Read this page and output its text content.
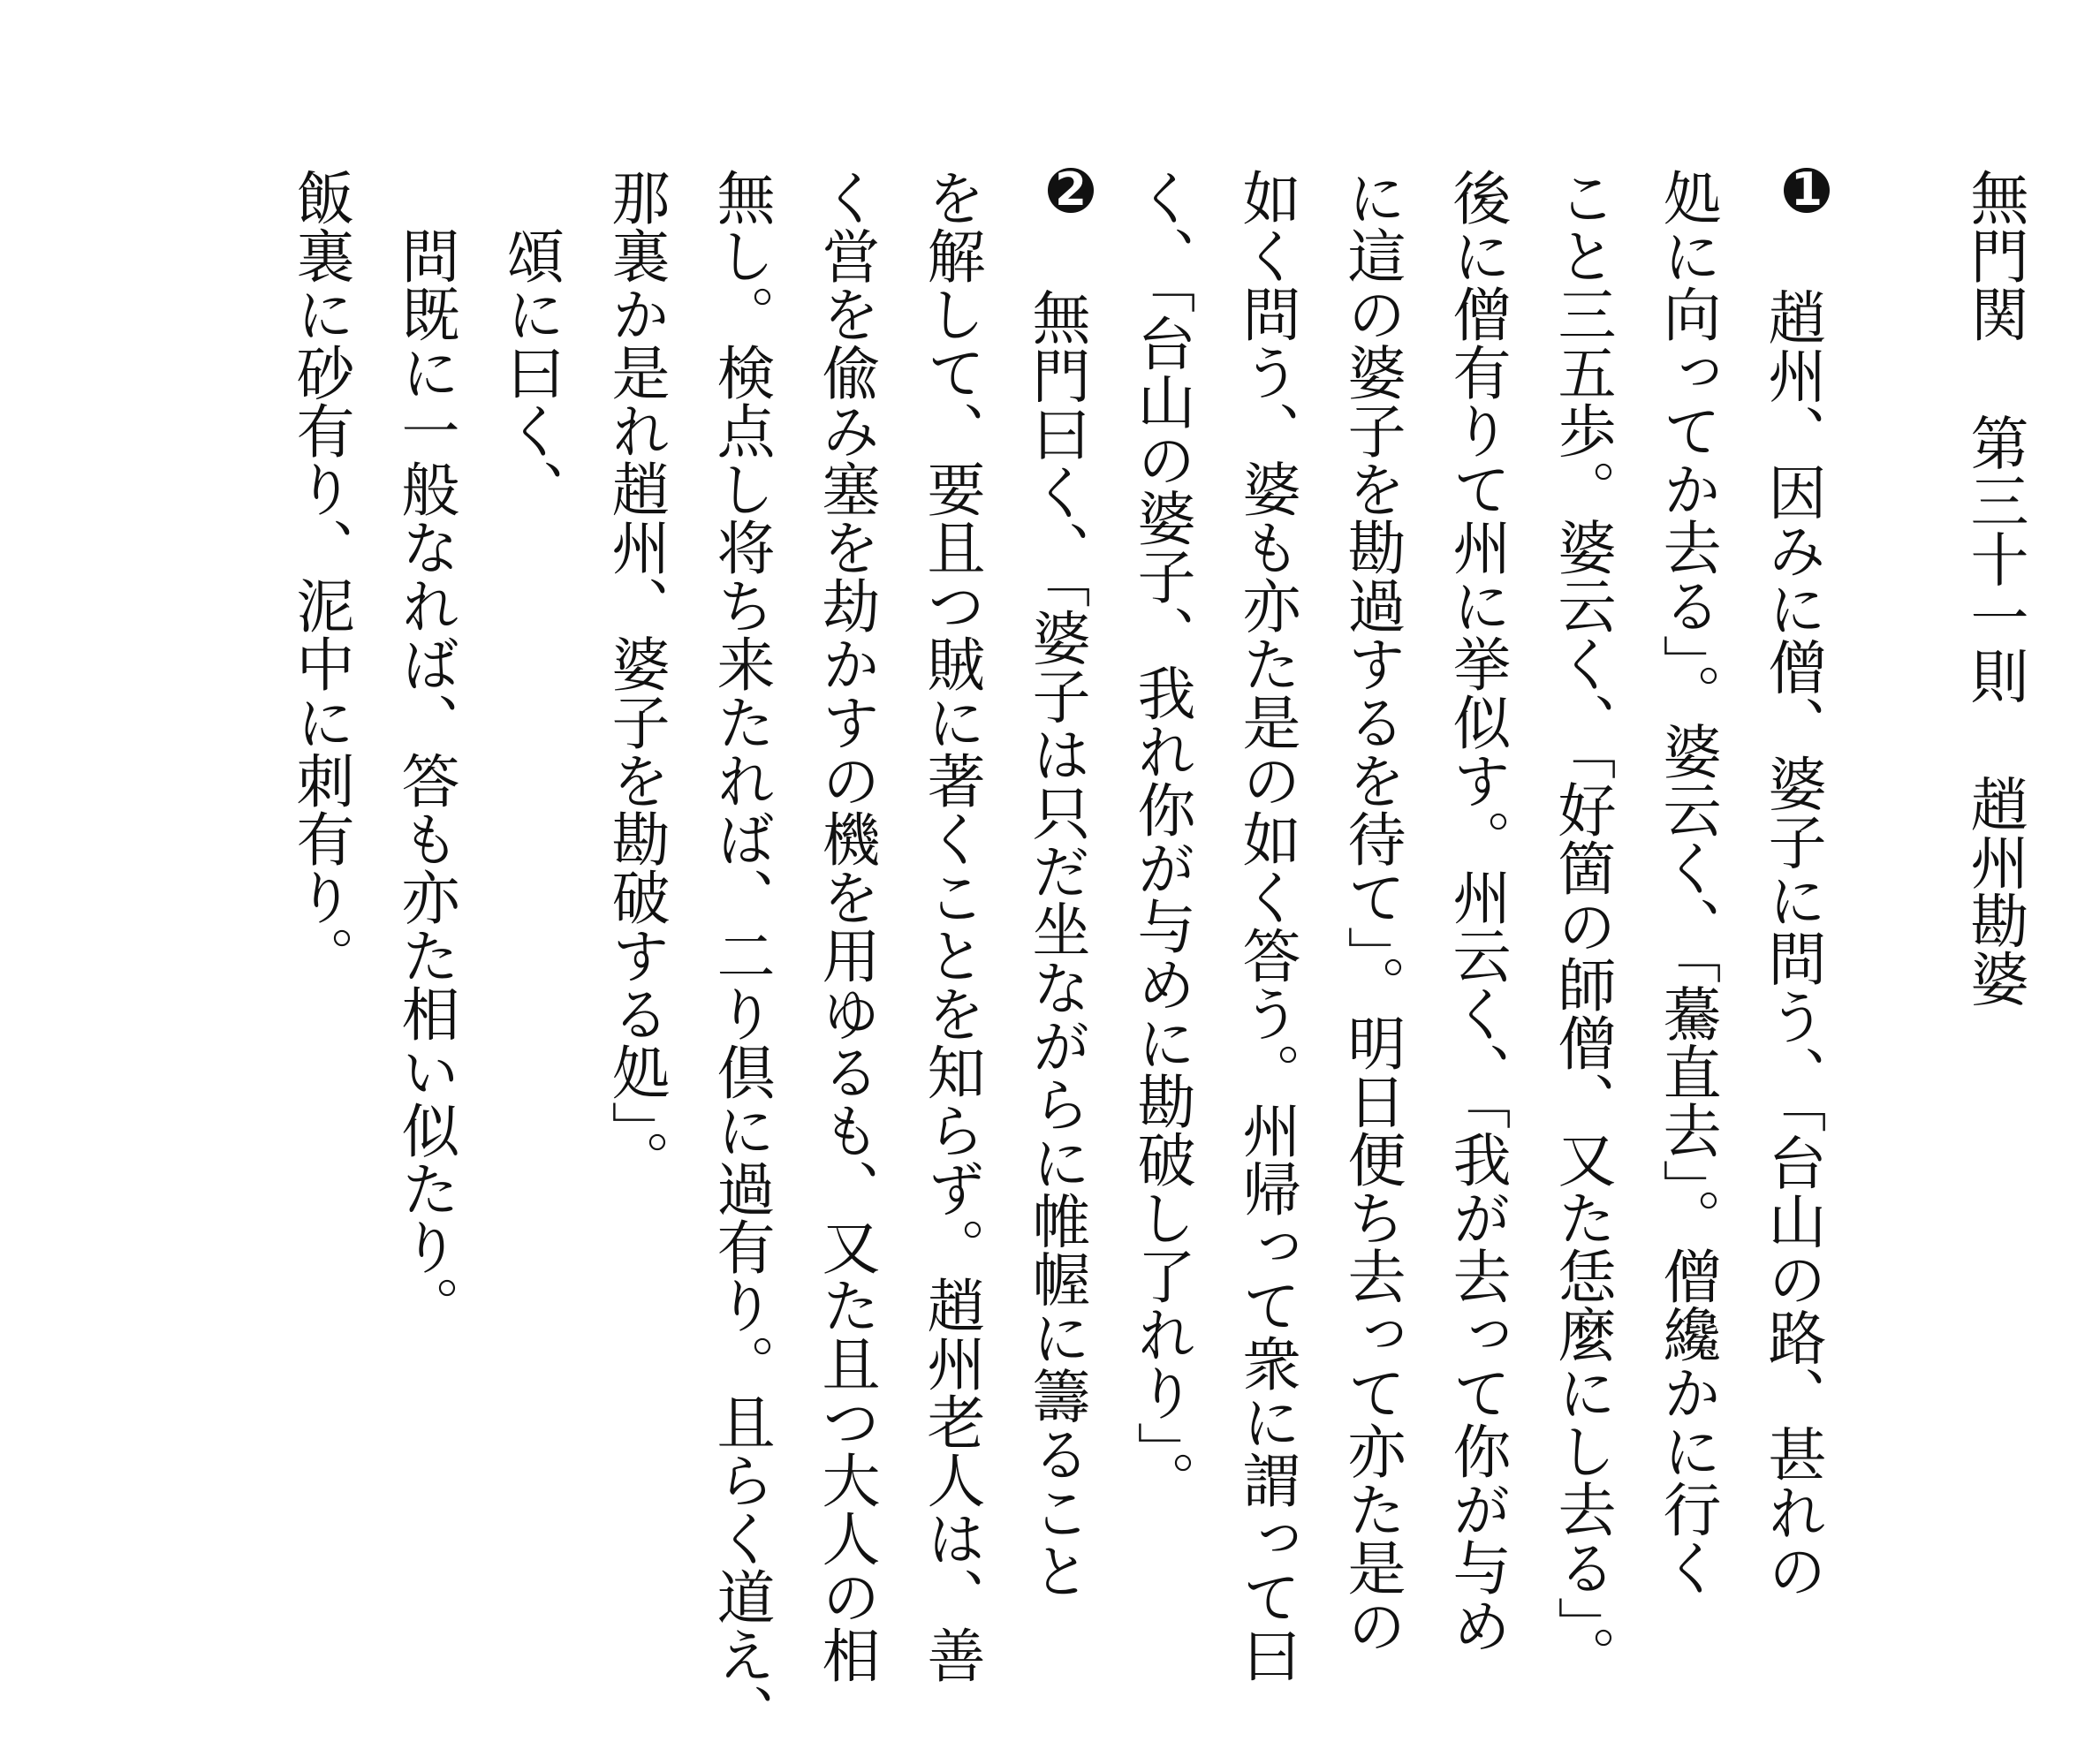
無門関第三十一則趙州勘婆
1　趙州、因みに僧、婆子に問う、「台山の路、甚れの
処に向ってか去る」。婆云く、「驀直去」。僧纔かに行く
こと三五歩。婆云く、「好箇の師僧、又た恁麼にし去る」。
後に僧有りて州に挙似す。州云く、「我が去って你が与め
に這の婆子を勘過するを待て」。明日便ち去って亦た是の
如く問う、婆も亦た是の如く答う。州帰って衆に謂って曰
く、「台山の婆子、我れ你が与めに勘破し了れり」。
2　無門曰く、「婆子は只だ坐ながらに帷幄に籌ること
を解して、要且つ賊に著くことを知らず。趙州老人は、善
く営を偸み塞を劫かすの機を用ゆるも、又た且つ大人の相
無し。検点し将ち来たれば、二り倶に過有り。且らく道え、
那裏か是れ趙州、婆子を勘破する処」。
頌に曰く、
問既に一般なれば、答も亦た相い似たり。
飯裏に砂有り、泥中に刺有り。
